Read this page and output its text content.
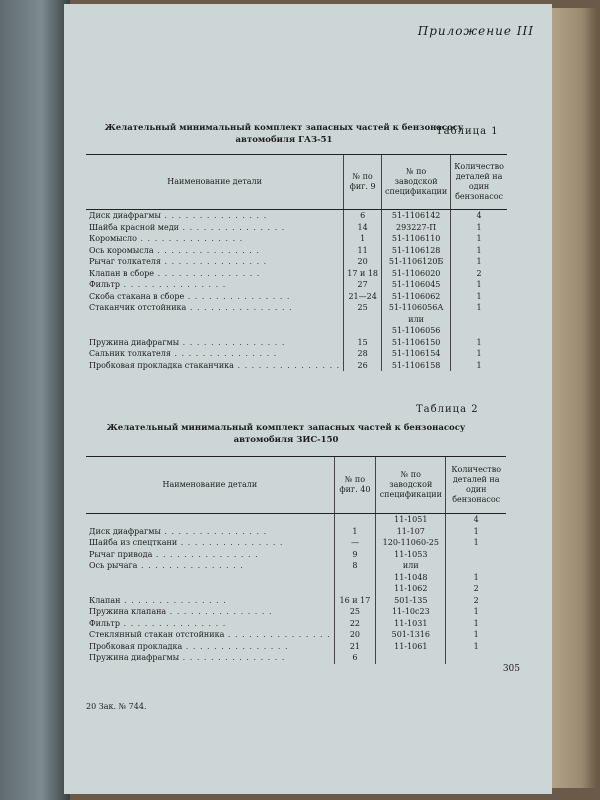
Приложение III
Таблица 1
Желательный минимальный комплект запасных частей к бензонасосу
автомобиля ГАЗ-51
Наименование детали	№ по фиг. 9	№ по заводской спецификации	Количество деталей на один бензонасос
Диск диафрагмы . . .	6	51-1106142	4
Шайба красной меди . . .	14	293227-П	1
Коромысло . . .	1	51-1106110	1
Ось коромысла . . .	11	51-1106128	1
Рычаг толкателя . . .	20	51-1106120Б	1
Клапан в сборе . . .	17 и 18	51-1106020	2
Фильтр . . .	27	51-1106045	1
Скоба стакана в сборе . . .	21—24	51-1106062	1
Стаканчик отстойника . . .	25	51-1106056А	1
		или	
		51-1106056	
Пружина диафрагмы . . .	15	51-1106150	1
Сальник толкателя . . .	28	51-1106154	1
Пробковая прокладка стаканчика . . .	26	51-1106158	1
Таблица 2
Желательный минимальный комплект запасных частей к бензонасосу
автомобиля ЗИС-150
Наименование детали	№ по фиг. 40	№ по заводской спецификации	Количество деталей на один бензонасос
		11-1051	4
Диск диафрагмы . . .	1	11-107	1
Шайба из спецткани . . .	—	120-11060-25	1
Рычаг привода . . .	9	11-1053	
Ось рычага . . .	8	или	
		11-1048	1
		11-1062	2
Клапан . . .	16 и 17	501-135	2
Пружина клапана . . .	25	11-10с23	1
Фильтр . . .	22	11-1031	1
Стеклянный стакан отстойника . . .	20	501-1316	1
Пробковая прокладка . . .	21	11-1061	1
Пружина диафрагмы . . .	6		
305
20 Зак. № 744.
